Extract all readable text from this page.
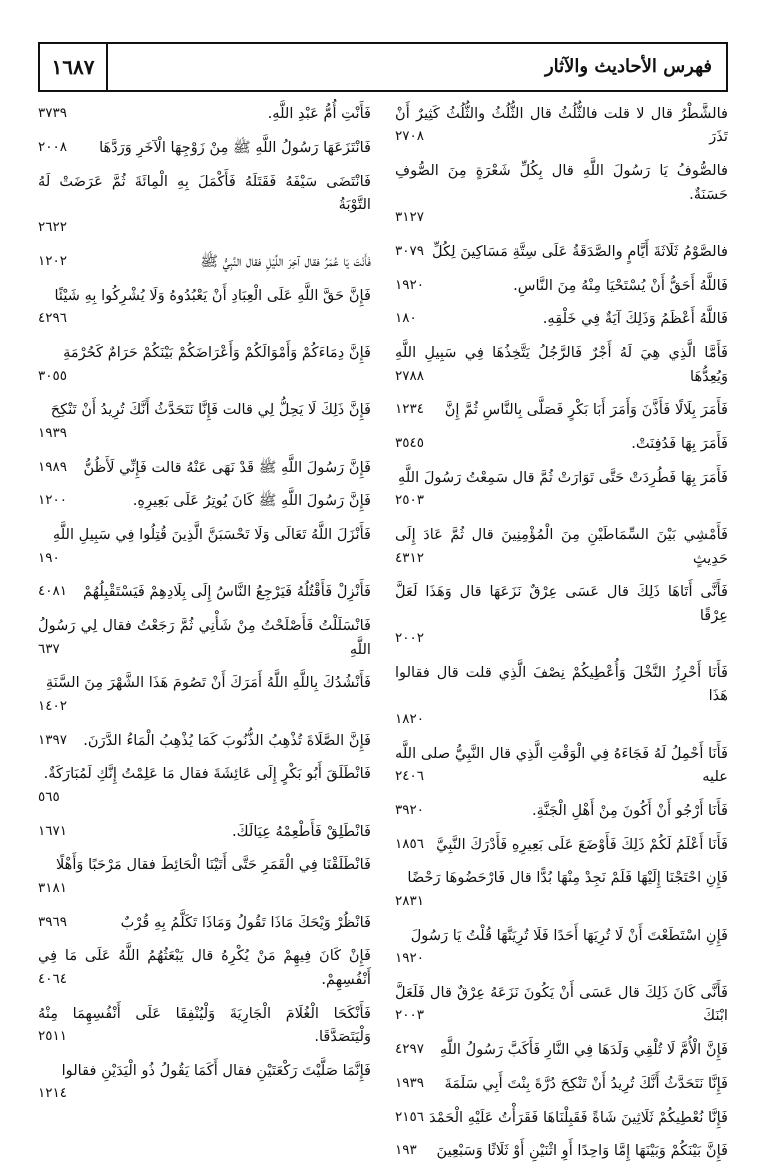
فهرس الأحاديث والآثار
١٦٨٧
فالشَّطْرُ قال لا قلت فالثُّلُثُ قال الثُّلُثُ والثُّلُثُ كَثِيرٌ أَنْ تَذَرَ
٢٧٠٨
فالصُّوفُ يَا رَسُولَ اللَّهِ قال بِكُلِّ شَعْرَةٍ مِنَ الصُّوفِ حَسَنَةٌ.
٣١٢٧
فالصَّوْمُ ثَلَاثَةَ أَيَّامٍ والصَّدَقَةُ عَلَى سِتَّةِ مَسَاكِينَ لِكُلِّ
٣٠٧٩
فَاللَّهُ أَحَقُّ أَنْ يُسْتَحْيَا مِنْهُ مِنَ النَّاسِ.
١٩٢٠
فَاللَّهُ أَعْظَمُ وَذَلِكَ آيَةٌ فِي خَلْقِهِ.
١٨٠
فَأَمَّا الَّذِي هِيَ لَهُ أَجْرٌ فَالرَّجُلُ يَتَّخِذُهَا فِي سَبِيلِ اللَّهِ وَيُعِدُّهَا
٢٧٨٨
فَأَمَرَ بِلَالًا فَأَذَّنَ وَأَمَرَ أَبَا بَكْرٍ فَصَلَّى بِالنَّاسِ ثُمَّ إِنَّ
١٢٣٤
فَأَمَرَ بِهَا فَدُفِنَتْ.
٣٥٤٥
فَأَمَرَ بِهَا فَطُرِدَتْ حَتَّى تَوَارَتْ ثُمَّ قال سَمِعْتُ رَسُولَ اللَّهِ
٢٥٠٣
فَأَمْشِي بَيْنَ السِّمَاطَيْنِ مِنَ الْمُؤْمِنِينَ قال ثُمَّ عَادَ إِلَى حَدِيثٍ
٤٣١٢
فَأَنَّى أَتَاهَا ذَلِكَ قال عَسَى عِرْقٌ نَزَعَهَا قال وَهَذَا لَعَلَّ عِرْقًا
٢٠٠٢
فَأَنَا أَحْرِزُ النَّخْلَ وَأُعْطِيكُمْ نِصْفَ الَّذِي قلت قال فقالوا هَذَا
١٨٢٠
فَأَنَا أَحْمِلُ لَهُ فَجَاءَهُ فِي الْوَقْتِ الَّذِي قال النَّبِيُّ صلى اللَّه عليه
٢٤٠٦
فَأَنَا أَرْجُو أَنْ أَكُونَ مِنْ أَهْلِ الْجَنَّةِ.
٣٩٢٠
فَأَنَا أَعْلَمُ لَكُمْ ذَلِكَ فَأَوْضَعَ عَلَى بَعِيرِهِ فَأَدْرَكَ النَّبِيَّ
١٨٥٦
فَإِنِ احْتَجْنَا إِلَيْهَا فَلَمْ نَجِدْ مِنْهَا بُدًّا قال فَارْحَضُوهَا رَحْضًا
٢٨٣١
فَإِنِ اسْتَطَعْتَ أَنْ لَا تُرِيَهَا أَحَدًا فَلَا تُرِيَنَّهَا قُلْتُ يَا رَسُولَ
١٩٢٠
فَأَنَّى كَانَ ذَلِكَ قال عَسَى أَنْ يَكُونَ نَزَعَهُ عِرْقٌ قال فَلَعَلَّ ابْنَكَ
٢٠٠٣
فَإِنَّ الْأُمَّ لَا تُلْقِي وَلَدَهَا فِي النَّارِ فَأَكَبَّ رَسُولُ اللَّهِ
٤٢٩٧
فَإِنَّا نَتَحَدَّثُ أَنَّكَ تُرِيدُ أَنْ تَنْكِحَ دُرَّةَ بِنْتَ أَبِي سَلَمَةَ
١٩٣٩
فَإِنَّا نُعْطِيكُمْ ثَلَاثِينَ شَاةً فَقَبِلْنَاهَا فَقَرَأْتُ عَلَيْهِ الْحَمْدَ
٢١٥٦
فَإِنَّ بَيْنَكُمْ وَبَيْنَهَا إِمَّا وَاحِدًا أَوِ اثْنَيْنِ أَوْ ثَلَاثًا وَسَبْعِينَ
١٩٣
فَأَنْتِ أُمُّ عَبْدِ اللَّهِ.
٣٧٣٩
فَانْتَزَعَهَا رَسُولُ اللَّهِ ﷺ مِنْ زَوْجِهَا الْآخَرِ وَرَدَّهَا
٢٠٠٨
فَانْتَضَى سَيْفَهُ فَقَتَلَهُ فَأَكْمَلَ بِهِ الْمِائَةَ ثُمَّ عَرَضَتْ لَهُ التَّوْبَةُ
٢٦٢٢
فَأَنْتَ يَا عُمَرُ فقال آخِرَ اللَّيْلِ فقال النَّبِيُّ ﷺ
١٢٠٢
فَإِنَّ حَقَّ اللَّهِ عَلَى الْعِبَادِ أَنْ يَعْبُدُوهُ وَلَا يُشْرِكُوا بِهِ شَيْئًا
٤٢٩٦
فَإِنَّ دِمَاءَكُمْ وَأَمْوَالَكُمْ وَأَعْرَاضَكُمْ بَيْنَكُمْ حَرَامٌ كَحُرْمَةِ
٣٠٥٥
فَإِنَّ ذَلِكَ لَا يَحِلُّ لِي قالت فَإِنَّا نَتَحَدَّثُ أَنَّكَ تُرِيدُ أَنْ تَنْكِحَ
١٩٣٩
فَإِنَّ رَسُولَ اللَّهِ ﷺ قَدْ نَهَى عَنْهُ قالت فَإِنِّي لَأَظُنُّ
١٩٨٩
فَإِنَّ رَسُولَ اللَّهِ ﷺ كَانَ يُوتِرُ عَلَى بَعِيرِهِ.
١٢٠٠
فَأَنْزَلَ اللَّهُ تَعَالَى وَلَا تَحْسَبَنَّ الَّذِينَ قُتِلُوا فِي سَبِيلِ اللَّهِ
١٩٠
فَأَنْزِلْ فَأَقْتُلُهُ فَيَرْجِعُ النَّاسُ إِلَى بِلَادِهِمْ فَيَسْتَقْبِلُهُمْ
٤٠٨١
فَانْسَلَلْتُ فَأَصْلَحْتُ مِنْ شَأْنِي ثُمَّ رَجَعْتُ فقال لِي رَسُولُ اللَّهِ
٦٣٧
فَأَنْشُدُكَ بِاللَّهِ اللَّهُ أَمَرَكَ أَنْ تَصُومَ هَذَا الشَّهْرَ مِنَ السَّنَةِ
١٤٠٢
فَإِنَّ الصَّلَاةَ تُذْهِبُ الذُّنُوبَ كَمَا يُذْهِبُ الْمَاءُ الدَّرَنَ.
١٣٩٧
فَانْطَلَقَ أَبُو بَكْرٍ إِلَى عَائِشَةَ فقال مَا عَلِمْتُ إِنَّكِ لَمُبَارَكَةٌ.
٥٦٥
فَانْطَلِقْ فَأَطْعِمْهُ عِيَالَكَ.
١٦٧١
فَانْطَلَقْنَا فِي الْقَمَرِ حَتَّى أَتَيْنَا الْحَائِطَ فقال مَرْحَبًا وَأَهْلًا
٣١٨١
فَانْظُرْ وَيْحَكَ مَاذَا تَقُولُ وَمَاذَا تَكَلَّمُ بِهِ قُرْبٌ
٣٩٦٩
فَإِنْ كَانَ فِيهِمْ مَنْ يُكْرِهُ قال يَبْعَثُهُمُ اللَّهُ عَلَى مَا فِي أَنْفُسِهِمْ.
٤٠٦٤
فَأَنْكَحَا الْغُلَامَ الْجَارِيَةَ وَلْيُنْفِقَا عَلَى أَنْفُسِهِمَا مِنْهُ وَلْيَتَصَدَّقَا.
٢٥١١
فَإِنَّمَا صَلَّيْتَ رَكْعَتَيْنِ فقال أَكَمَا يَقُولُ ذُو الْيَدَيْنِ فقالوا
١٢١٤
